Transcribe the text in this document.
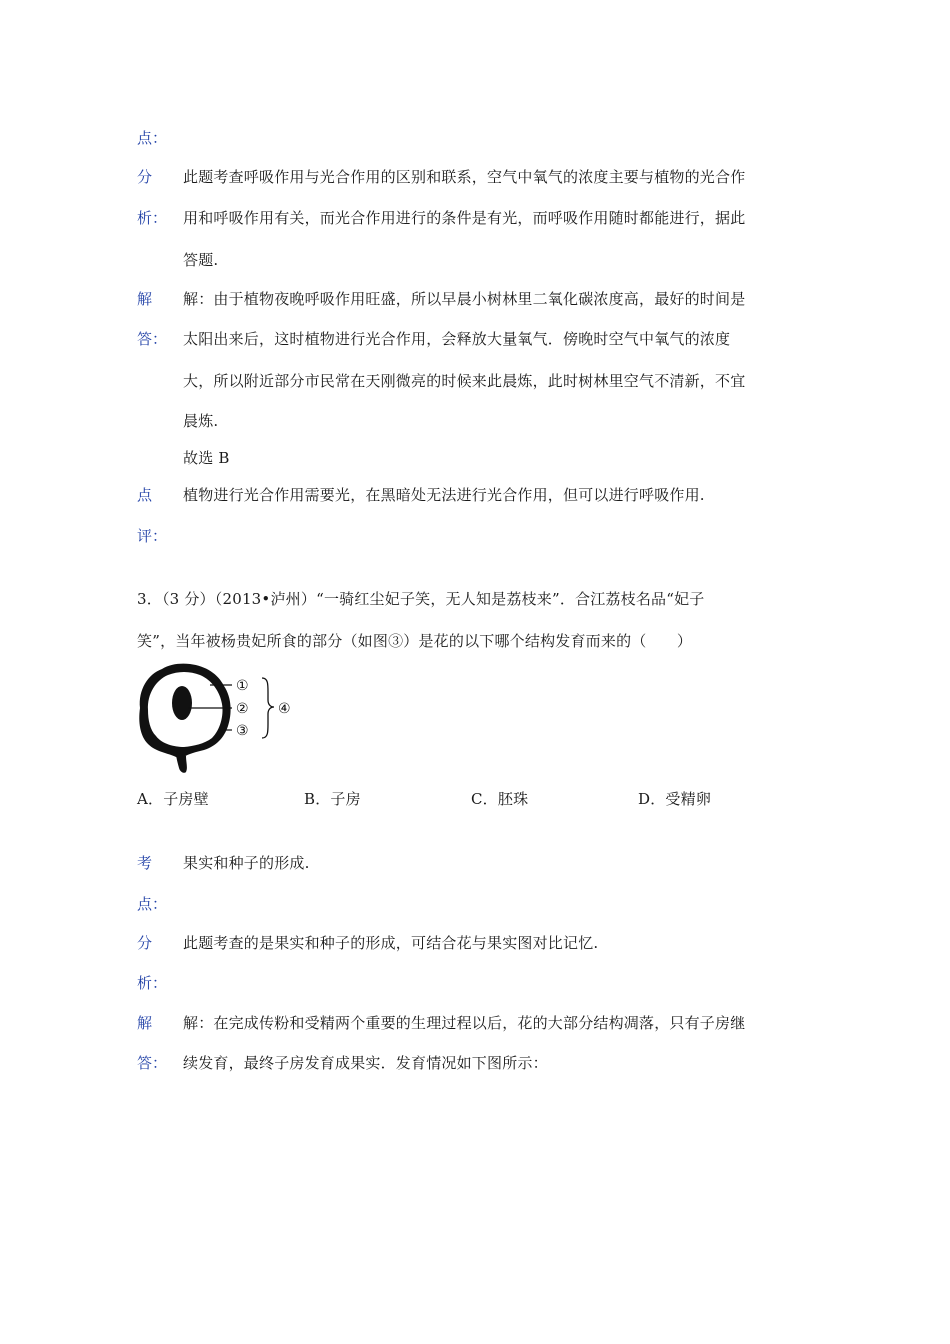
点：
分 此题考查呼吸作用与光合作用的区别和联系，空气中氧气的浓度主要与植物的光合作
析： 用和呼吸作用有关，而光合作用进行的条件是有光，而呼吸作用随时都能进行，据此
答题.
解 解：由于植物夜晚呼吸作用旺盛，所以早晨小树林里二氧化碳浓度高，最好的时间是
答： 太阳出来后，这时植物进行光合作用，会释放大量氧气．傍晚时空气中氧气的浓度
大，所以附近部分市民常在天刚微亮的时候来此晨炼，此时树林里空气不清新，不宜
晨炼.
故选 B
点 植物进行光合作用需要光，在黑暗处无法进行光合作用，但可以进行呼吸作用.
评：
3．（3 分）（2013•泸州）“一骑红尘妃子笑，无人知是荔枝来”．合江荔枝名品“妃子
笑”，当年被杨贵妃所食的部分（如图③）是花的以下哪个结构发育而来的（　　）
①
②
③
④
A．子房壁	B．子房	C．胚珠	D．受精卵
考 果实和种子的形成.
点：
分 此题考查的是果实和种子的形成，可结合花与果实图对比记忆.
析：
解 解：在完成传粉和受精两个重要的生理过程以后，花的大部分结构凋落，只有子房继
答： 续发育，最终子房发育成果实．发育情况如下图所示：
